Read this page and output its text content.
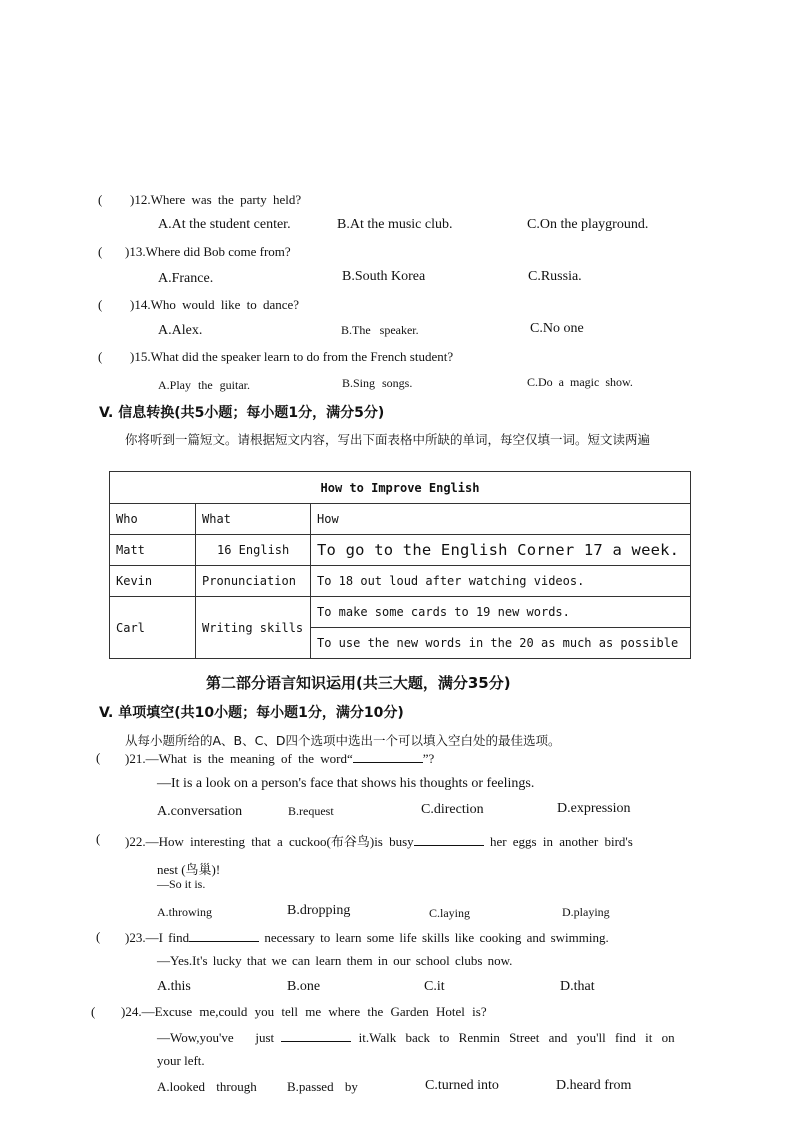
( )12.Where was the party held?
A.At the student center.	B.At the music club.	C.On the playground.
( )13.Where did Bob come from?
A.France.	B.South Korea	C.Russia.
( )14.Who would like to dance?
A.Alex.	B.The speaker.	C.No one
( )15.What did the speaker learn to do from the French student?
A.Play the guitar.	B.Sing songs.	C.Do a magic show.
V. 信息转换(共5小题；每小题1分，满分5分)
你将听到一篇短文。请根据短文内容，写出下面表格中所缺的单词，每空仅填一词。短文读两遍
How to Improve English		
Who	What	How
Matt	16 English	To go to the English Corner 17 a week.
Kevin	Pronunciation	To 18 out loud after watching videos.
Carl	Writing skills	To make some cards to 19 new words.
		To use the new words in the 20 as much as possible
第二部分语言知识运用(共三大题，满分35分)
V. 单项填空(共10小题；每小题1分，满分10分)
从每小题所给的A、B、C、D四个选项中选出一个可以填入空白处的最佳选项。
( )21.—What is the meaning of the word“	”?
—It is a look on a person's face that shows his thoughts or feelings.
A.conversation	B.request	C.direction	D.expression
( )22.—How interesting that a cuckoo(布谷鸟)is busy	her eggs in another bird's
nest (鸟巢)!
—So it is.
A.throwing	B.dropping	C.laying	D.playing
( )23.—I find	necessary to learn some life skills like cooking and swimming.
—Yes.It's lucky that we can learn them in our school clubs now.
A.this	B.one	C.it	D.that
( )24.—Excuse me,could you tell me where the Garden Hotel is?
—Wow,you've   just	it.Walk back to Renmin Street and you'll find it on
your left.
A.looked through B.passed by	C.turned into	D.heard from
